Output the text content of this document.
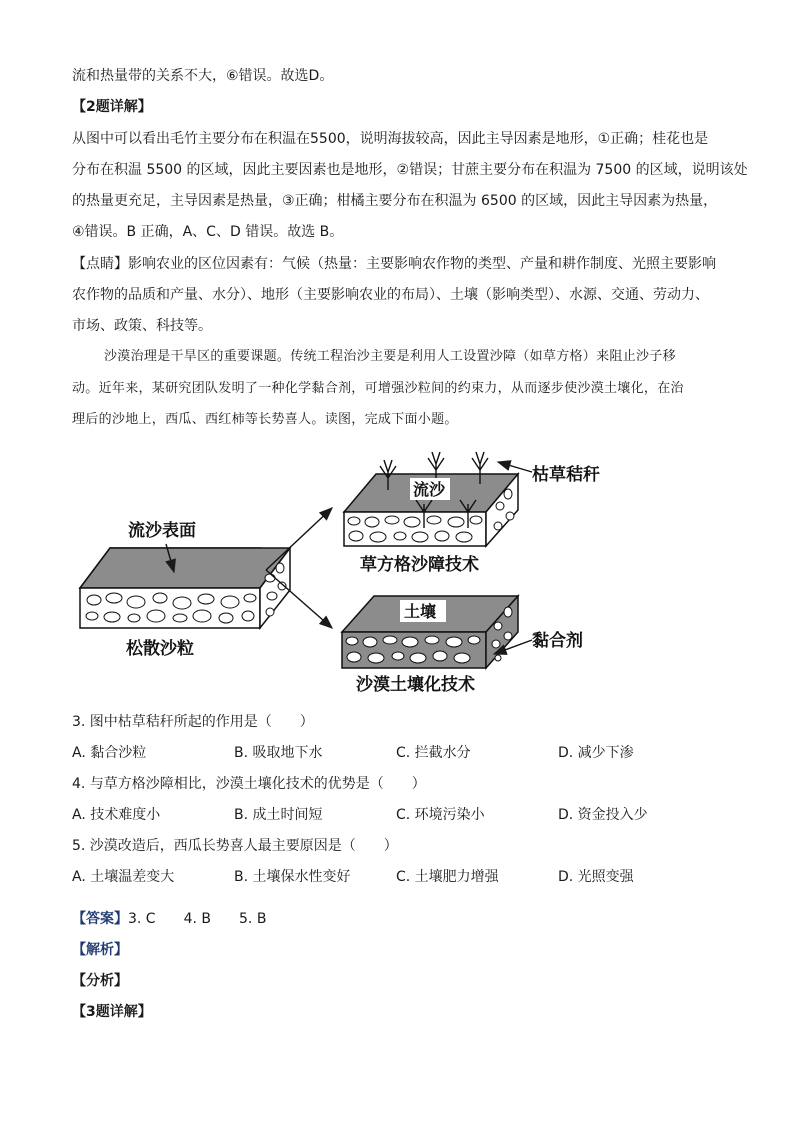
流和热量带的关系不大，⑥错误。故选D。
【2题详解】
从图中可以看出毛竹主要分布在积温在5500，说明海拔较高，因此主导因素是地形，①正确；桂花也是
分布在积温 5500 的区域，因此主要因素也是地形，②错误；甘蔗主要分布在积温为 7500 的区域，说明该处
的热量更充足，主导因素是热量，③正确；柑橘主要分布在积温为 6500 的区域，因此主导因素为热量，
④错误。B 正确，A、C、D 错误。故选 B。
【点睛】影响农业的区位因素有：气候（热量：主要影响农作物的类型、产量和耕作制度、光照主要影响
农作物的品质和产量、水分）、地形（主要影响农业的布局）、土壤（影响类型）、水源、交通、劳动力、
市场、政策、科技等。
沙漠治理是干旱区的重要课题。传统工程治沙主要是利用人工设置沙障（如草方格）来阻止沙子移
动。近年来，某研究团队发明了一种化学黏合剂，可增强沙粒间的约束力，从而逐步使沙漠土壤化，在治
理后的沙地上，西瓜、西红柿等长势喜人。读图，完成下面小题。
流沙表面
松散沙粒
流沙
枯草秸秆
草方格沙障技术
土壤
黏合剂
沙漠土壤化技术
3. 图中枯草秸秆所起的作用是（　　）
A. 黏合沙粒	B. 吸取地下水	C. 拦截水分	D. 减少下渗
4. 与草方格沙障相比，沙漠土壤化技术的优势是（　　）
A. 技术难度小	B. 成土时间短	C. 环境污染小	D. 资金投入少
5. 沙漠改造后，西瓜长势喜人最主要原因是（　　）
A. 土壤温差变大	B. 土壤保水性变好	C. 土壤肥力增强	D. 光照变强
【答案】3. C 4. B 5. B
【解析】
【分析】
【3题详解】
